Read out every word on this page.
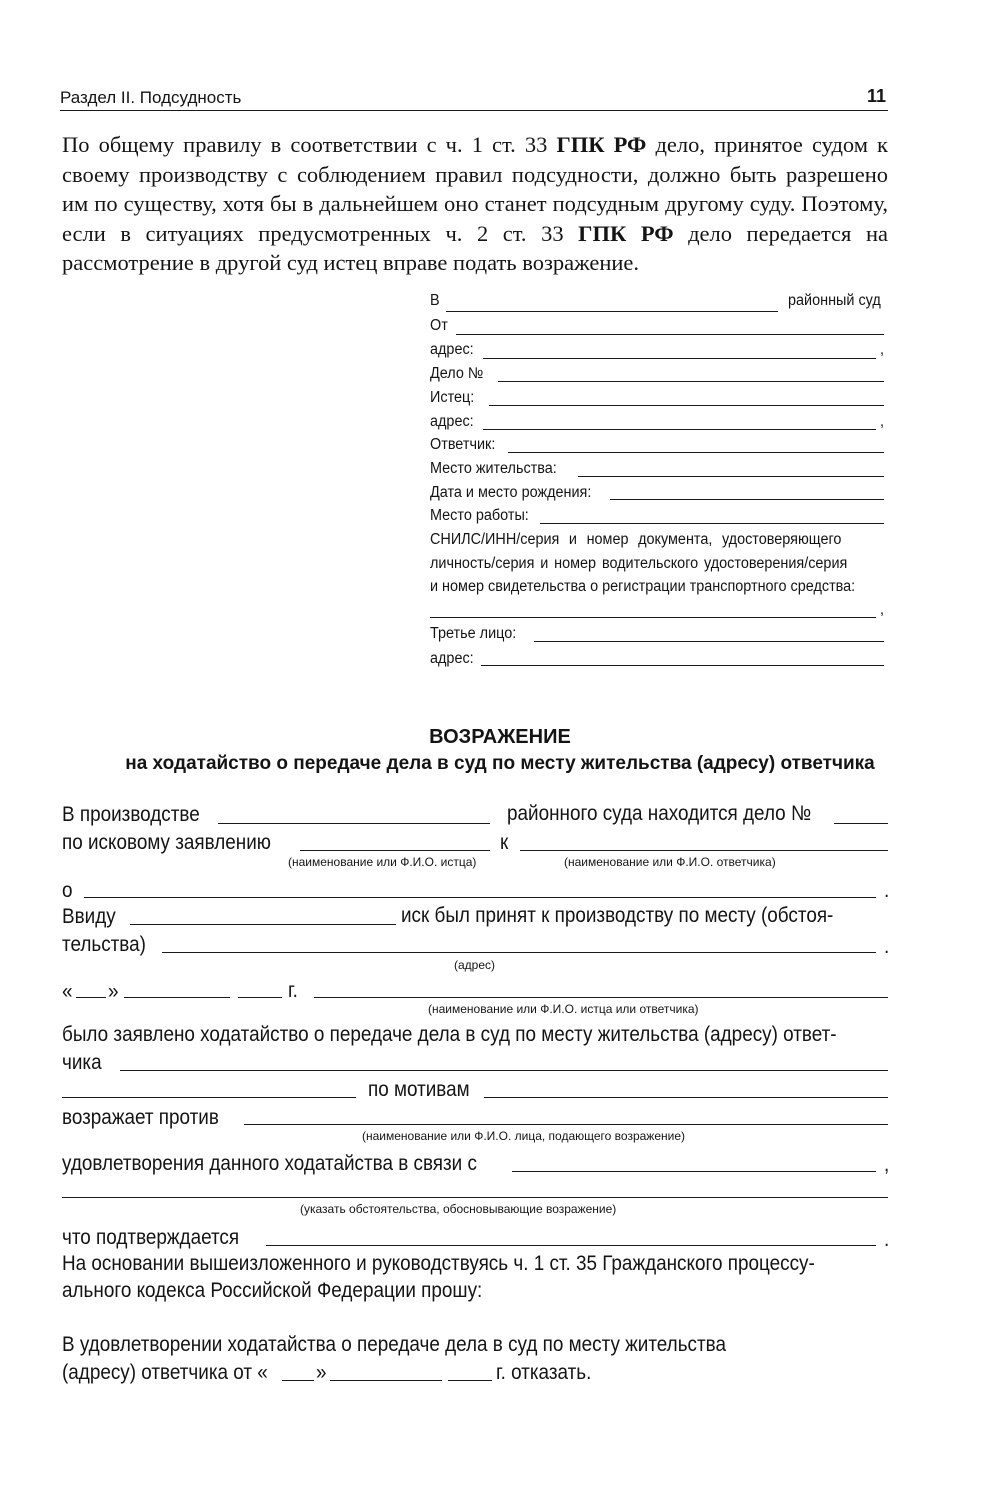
Раздел II. Подсудность	11
По общему правилу в соответствии с ч. 1 ст. 33 ГПК РФ дело, принятое судом к своему производству с соблюдением правил подсудности, должно быть разрешено им по существу, хотя бы в дальнейшем оно станет подсудным другому суду. Поэтому, если в ситуациях предусмотренных ч. 2 ст. 33 ГПК РФ дело передается на рассмотрение в другой суд истец вправе подать возражение.
В	районный суд
От
адрес:	,
Дело №
Истец:
адрес:	,
Ответчик:
Место жительства:
Дата и место рождения:
Место работы:
СНИЛС/ИНН/серия и номер документа, удостоверяющего
личность/серия и номер водительского удостоверения/серия
и номер свидетельства о регистрации транспортного средства:
,
Третье лицо:
адрес:
ВОЗРАЖЕНИЕ
на ходатайство о передаче дела в суд по месту жительства (адресу) ответчика
В производстве	районного суда находится дело №
по исковому заявлению	к
(наименование или Ф.И.О. истца)	(наименование или Ф.И.О. ответчика)
о	.
Ввиду	иск был принят к производству по месту (обстоя-
тельства)	.
(адрес)
« »	г.
(наименование или Ф.И.О. истца или ответчика)
было заявлено ходатайство о передаче дела в суд по месту жительства (адресу) ответ-
чика
по мотивам
возражает против
(наименование или Ф.И.О. лица, подающего возражение)
удовлетворения данного ходатайства в связи с	,
(указать обстоятельства, обосновывающие возражение)
что подтверждается	.
На основании вышеизложенного и руководствуясь ч. 1 ст. 35 Гражданского процессу-
ального кодекса Российской Федерации прошу:
В удовлетворении ходатайства о передаче дела в суд по месту жительства
(адресу) ответчика от « »	г. отказать.
